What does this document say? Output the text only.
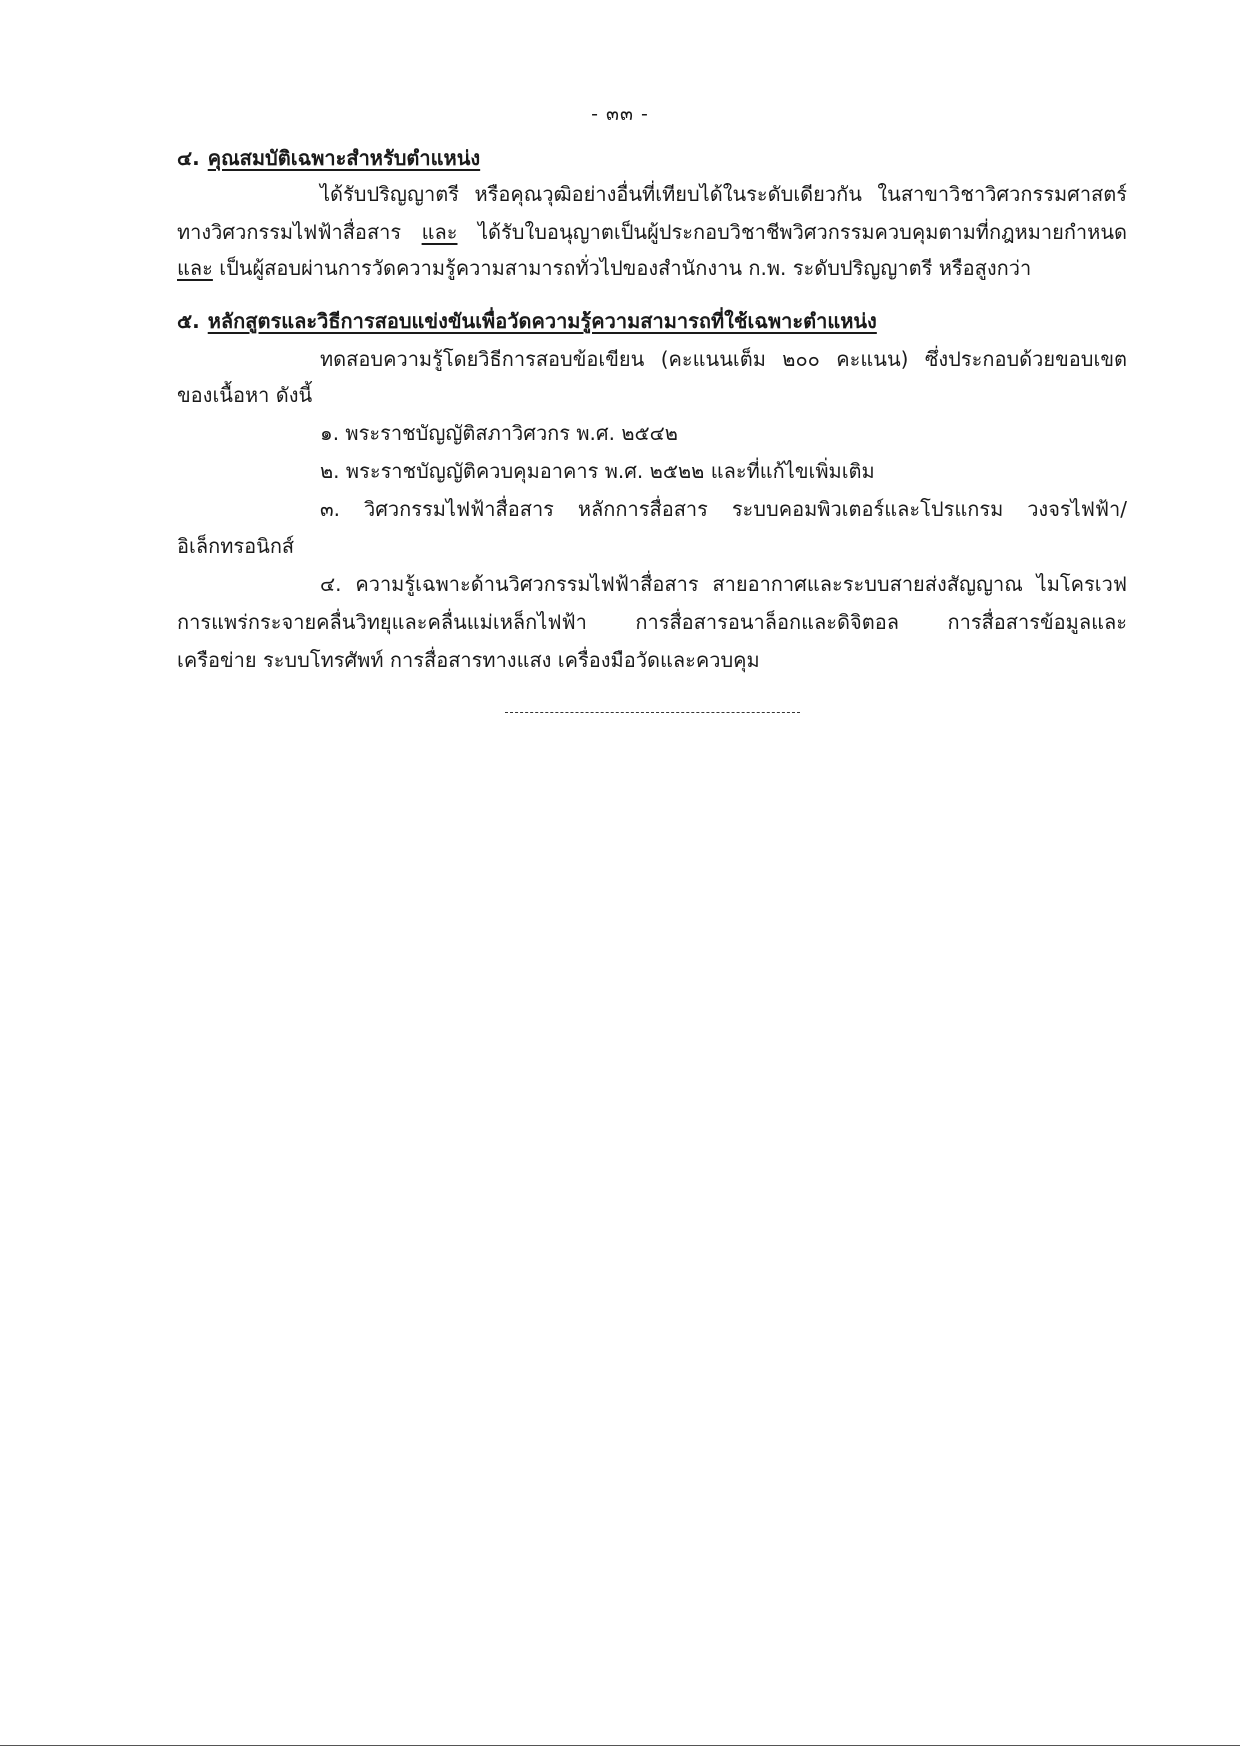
- ๓๓ -
๔. คุณสมบัติเฉพาะสำหรับตำแหน่ง
ได้รับปริญญาตรี หรือคุณวุฒิอย่างอื่นที่เทียบได้ในระดับเดียวกัน ในสาขาวิชาวิศวกรรมศาสตร์
ทางวิศวกรรมไฟฟ้าสื่อสาร และ ได้รับใบอนุญาตเป็นผู้ประกอบวิชาชีพวิศวกรรมควบคุมตามที่กฎหมายกำหนด
และ เป็นผู้สอบผ่านการวัดความรู้ความสามารถทั่วไปของสำนักงาน ก.พ. ระดับปริญญาตรี หรือสูงกว่า
๕. หลักสูตรและวิธีการสอบแข่งขันเพื่อวัดความรู้ความสามารถที่ใช้เฉพาะตำแหน่ง
ทดสอบความรู้โดยวิธีการสอบข้อเขียน (คะแนนเต็ม ๒๐๐ คะแนน) ซึ่งประกอบด้วยขอบเขต
ของเนื้อหา ดังนี้
๑. พระราชบัญญัติสภาวิศวกร พ.ศ. ๒๕๔๒
๒. พระราชบัญญัติควบคุมอาคาร พ.ศ. ๒๕๒๒ และที่แก้ไขเพิ่มเติม
๓. วิศวกรรมไฟฟ้าสื่อสาร หลักการสื่อสาร ระบบคอมพิวเตอร์และโปรแกรม วงจรไฟฟ้า/
อิเล็กทรอนิกส์
๔. ความรู้เฉพาะด้านวิศวกรรมไฟฟ้าสื่อสาร สายอากาศและระบบสายส่งสัญญาณ ไมโครเวฟ
การแพร่กระจายคลื่นวิทยุและคลื่นแม่เหล็กไฟฟ้า การสื่อสารอนาล็อกและดิจิตอล การสื่อสารข้อมูลและ
เครือข่าย ระบบโทรศัพท์ การสื่อสารทางแสง เครื่องมือวัดและควบคุม
